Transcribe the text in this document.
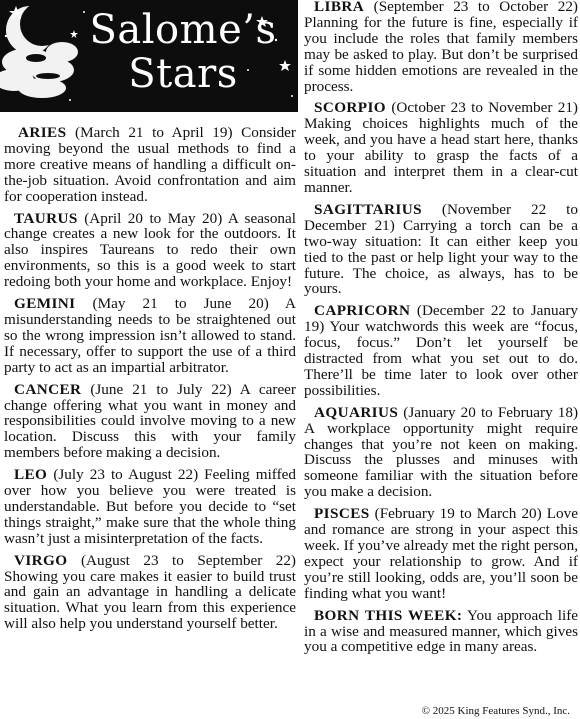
Salome’s
Stars

ARIES (March 21 to April 19) Consider moving beyond the usual methods to find a more creative means of handling a difficult on-the-job situation. Avoid confrontation and aim for cooperation instead.

TAURUS (April 20 to May 20) A seasonal change creates a new look for the outdoors. It also inspires Taureans to redo their own environments, so this is a good week to start redoing both your home and workplace. Enjoy!

GEMINI (May 21 to June 20) A misunderstanding needs to be straightened out so the wrong impression isn’t allowed to stand. If necessary, offer to support the use of a third party to act as an impartial arbitrator.

CANCER (June 21 to July 22) A career change offering what you want in money and responsibilities could involve moving to a new location. Discuss this with your family members before making a decision.

LEO (July 23 to August 22) Feeling miffed over how you believe you were treated is understandable. But before you decide to “set things straight,” make sure that the whole thing wasn’t just a misinterpretation of the facts.

VIRGO (August 23 to September 22) Showing you care makes it easier to build trust and gain an advantage in handling a delicate situation. What you learn from this experience will also help you understand yourself better.

LIBRA (September 23 to October 22) Planning for the future is fine, especially if you include the roles that family members may be asked to play. But don’t be surprised if some hidden emotions are revealed in the process.

SCORPIO (October 23 to November 21) Making choices highlights much of the week, and you have a head start here, thanks to your ability to grasp the facts of a situation and interpret them in a clear-cut manner.

SAGITTARIUS (November 22 to December 21) Carrying a torch can be a two-way situation: It can either keep you tied to the past or help light your way to the future. The choice, as always, has to be yours.

CAPRICORN (December 22 to January 19) Your watchwords this week are “focus, focus, focus.” Don’t let yourself be distracted from what you set out to do. There’ll be time later to look over other possibilities.

AQUARIUS (January 20 to February 18) A workplace opportunity might require changes that you’re not keen on making. Discuss the plusses and minuses with someone familiar with the situation before you make a decision.

PISCES (February 19 to March 20) Love and romance are strong in your aspect this week. If you’ve already met the right person, expect your relationship to grow. And if you’re still looking, odds are, you’ll soon be finding what you want!

BORN THIS WEEK: You approach life in a wise and measured manner, which gives you a competitive edge in many areas.

© 2025 King Features Synd., Inc.
